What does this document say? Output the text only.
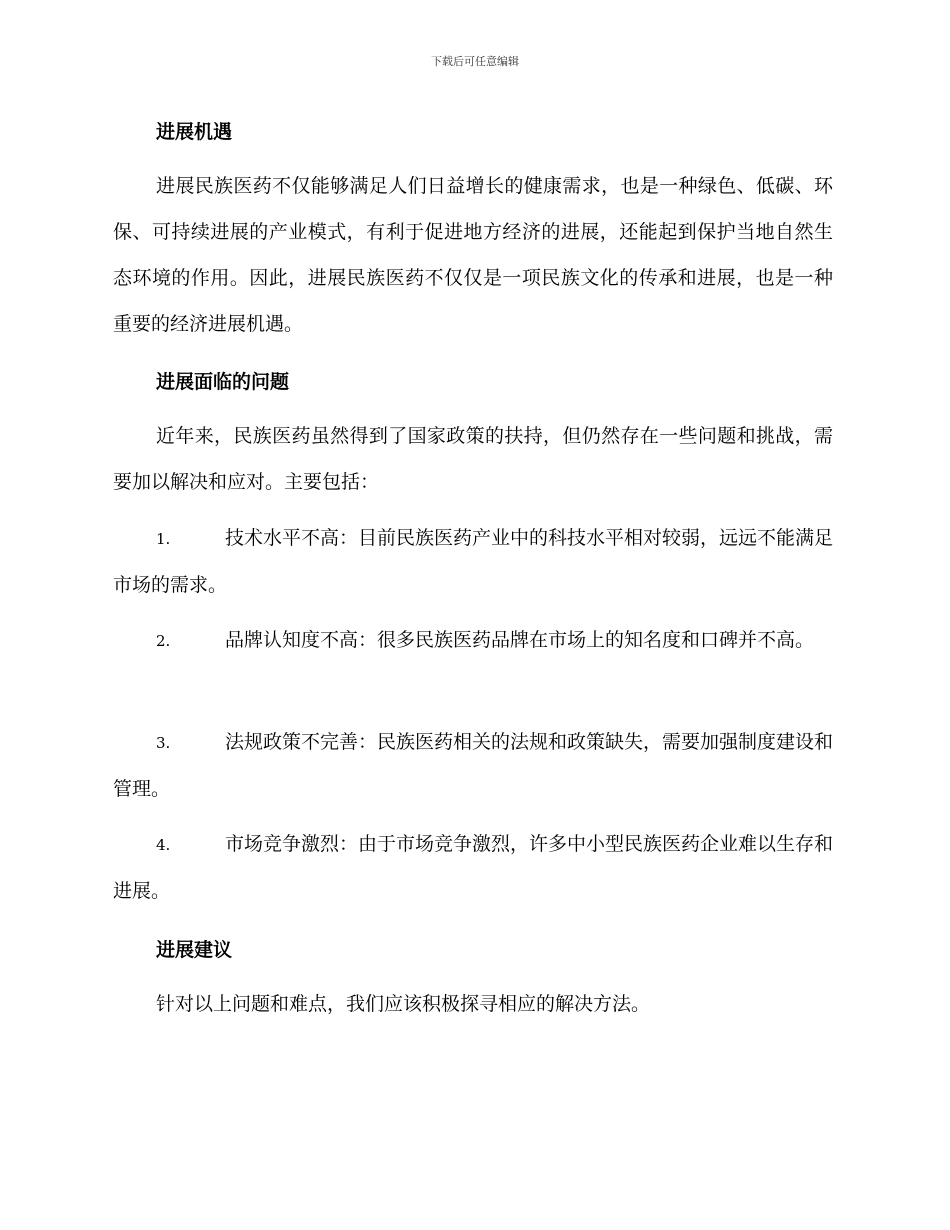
下载后可任意编辑
进展机遇
进展民族医药不仅能够满足人们日益增长的健康需求，也是一种绿色、低碳、环保、可持续进展的产业模式，有利于促进地方经济的进展，还能起到保护当地自然生态环境的作用。因此，进展民族医药不仅仅是一项民族文化的传承和进展，也是一种重要的经济进展机遇。
进展面临的问题
近年来，民族医药虽然得到了国家政策的扶持，但仍然存在一些问题和挑战，需要加以解决和应对。主要包括：
1.	技术水平不高：目前民族医药产业中的科技水平相对较弱，远远不能满足市场的需求。
2.	品牌认知度不高：很多民族医药品牌在市场上的知名度和口碑并不高。
3.	法规政策不完善：民族医药相关的法规和政策缺失，需要加强制度建设和管理。
4.	市场竞争激烈：由于市场竞争激烈，许多中小型民族医药企业难以生存和进展。
进展建议
针对以上问题和难点，我们应该积极探寻相应的解决方法。
